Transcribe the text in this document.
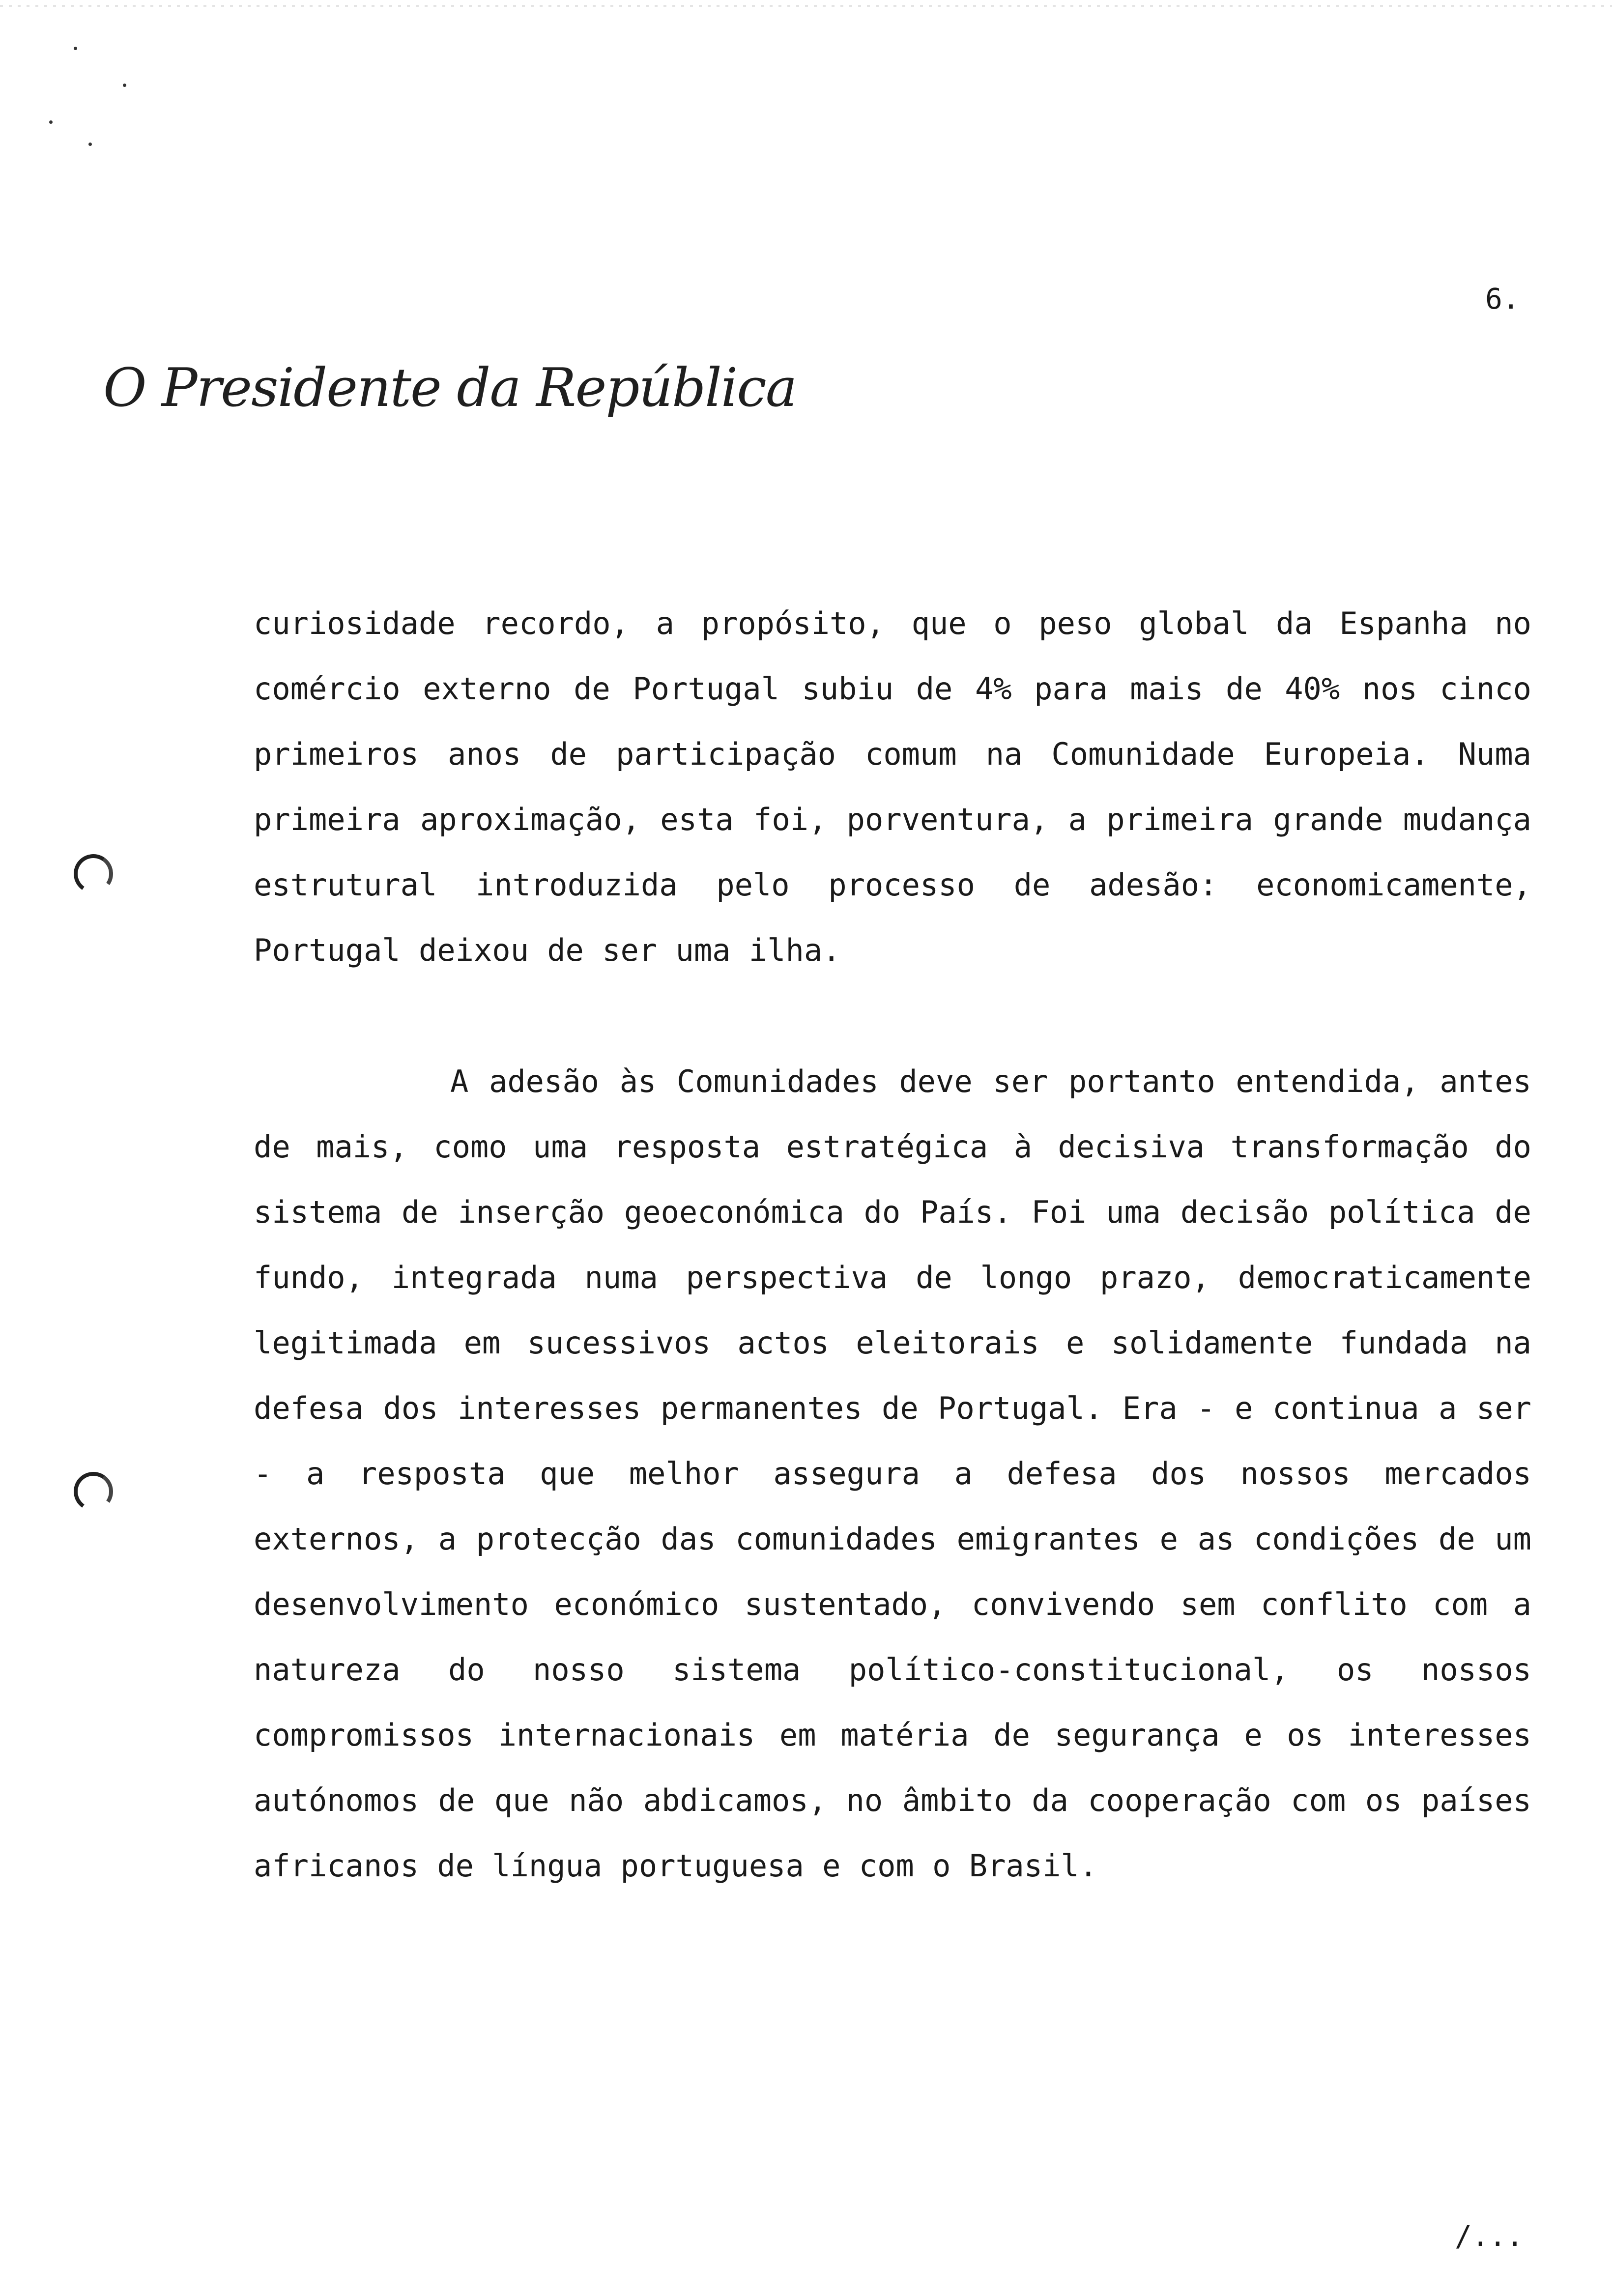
6.
O Presidente da República

curiosidade recordo, a propósito, que o peso global da Espanha no comércio externo de Portugal subiu de 4% para mais de 40% nos cinco primeiros anos de participação comum na Comunidade Europeia. Numa primeira aproximação, esta foi, porventura, a primeira grande mudança estrutural introduzida pelo processo de adesão: economicamente, Portugal deixou de ser uma ilha.

A adesão às Comunidades deve ser portanto entendida, antes de mais, como uma resposta estratégica à decisiva transformação do sistema de inserção geoeconómica do País. Foi uma decisão política de fundo, integrada numa perspectiva de longo prazo, democraticamente legitimada em sucessivos actos eleitorais e solidamente fundada na defesa dos interesses permanentes de Portugal. Era - e continua a ser - a resposta que melhor assegura a defesa dos nossos mercados externos, a protecção das comunidades emigrantes e as condições de um desenvolvimento económico sustentado, convivendo sem conflito com a natureza do nosso sistema político-constitucional, os nossos compromissos internacionais em matéria de segurança e os interesses autónomos de que não abdicamos, no âmbito da cooperação com os países africanos de língua portuguesa e com o Brasil.

/...
